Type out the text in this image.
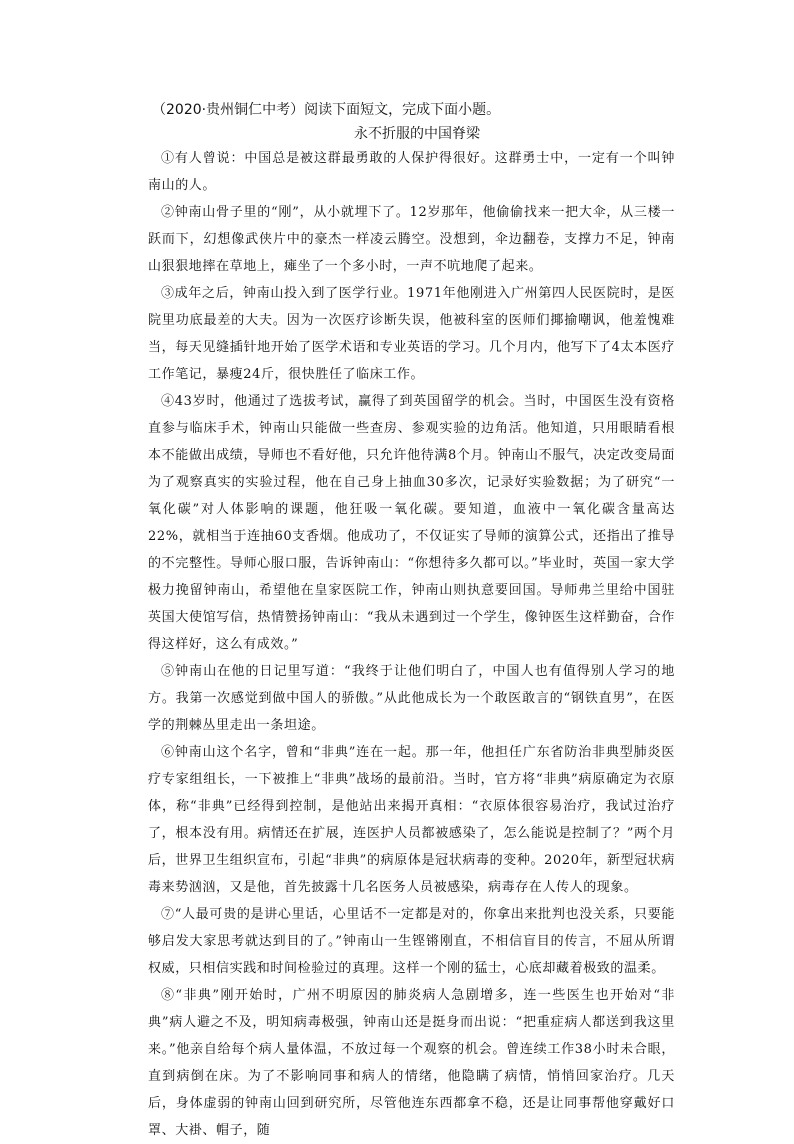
（2020·贵州铜仁中考）阅读下面短文，完成下面小题。
永不折服的中国脊梁

①有人曾说：中国总是被这群最勇敢的人保护得很好。这群勇士中，一定有一个叫钟南山的人。

②钟南山骨子里的“刚”，从小就埋下了。12岁那年，他偷偷找来一把大伞，从三楼一跃而下，幻想像武侠片中的豪杰一样凌云腾空。没想到，伞边翻卷，支撑力不足，钟南山狠狠地摔在草地上，瘫坐了一个多小时，一声不吭地爬了起来。

③成年之后，钟南山投入到了医学行业。1971年他刚进入广州第四人民医院时，是医院里功底最差的大夫。因为一次医疗诊断失误，他被科室的医师们揶揄嘲讽，他羞愧难当，每天见缝插针地开始了医学术语和专业英语的学习。几个月内，他写下了4太本医疗工作笔记，暴瘦24斤，很快胜任了临床工作。

④43岁时，他通过了选拔考试，赢得了到英国留学的机会。当时，中国医生没有资格直参与临床手术，钟南山只能做一些查房、参观实验的边角活。他知道，只用眼睛看根本不能做出成绩，导师也不看好他，只允许他待满8个月。钟南山不服气，决定改变局面为了观察真实的实验过程，他在自己身上抽血30多次，记录好实验数据；为了研究“一氧化碳”对人体影响的课题，他狂吸一氧化碳。要知道，血液中一氧化碳含量高达22%，就相当于连抽60支香烟。他成功了，不仅证实了导师的演算公式，还指出了推导的不完整性。导师心服口服，告诉钟南山：“你想待多久都可以。”毕业时，英国一家大学极力挽留钟南山，希望他在皇家医院工作，钟南山则执意要回国。导师弗兰里给中国驻英国大使馆写信，热情赞扬钟南山：“我从未遇到过一个学生，像钟医生这样勤奋，合作得这样好，这么有成效。”

⑤钟南山在他的日记里写道：“我终于让他们明白了，中国人也有值得别人学习的地方。我第一次感觉到做中国人的骄傲。”从此他成长为一个敢医敢言的“钢铁直男”，在医学的荆棘丛里走出一条坦途。

⑥钟南山这个名字，曾和“非典”连在一起。那一年，他担任广东省防治非典型肺炎医疗专家组组长，一下被推上“非典”战场的最前沿。当时，官方将“非典”病原确定为衣原体，称“非典”已经得到控制，是他站出来揭开真相：“衣原体很容易治疗，我试过治疗了，根本没有用。病情还在扩展，连医护人员都被感染了，怎么能说是控制了？”两个月后，世界卫生组织宣布，引起“非典”的病原体是冠状病毒的变种。2020年，新型冠状病毒来势汹汹，又是他，首先披露十几名医务人员被感染，病毒存在人传人的现象。

⑦“人最可贵的是讲心里话，心里话不一定都是对的，你拿出来批判也没关系，只要能够启发大家思考就达到目的了。”钟南山一生铿锵刚直，不相信盲目的传言，不屈从所谓权威，只相信实践和时间检验过的真理。这样一个刚的猛士，心底却藏着极致的温柔。

⑧“非典”刚开始时，广州不明原因的肺炎病人急剧增多，连一些医生也开始对“非典”病人避之不及，明知病毒极强，钟南山还是挺身而出说：“把重症病人都送到我这里来。”他亲自给每个病人量体温，不放过每一个观察的机会。曾连续工作38小时未合眼，直到病倒在床。为了不影响同事和病人的情绪，他隐瞒了病情，悄悄回家治疗。几天后，身体虚弱的钟南山回到研究所，尽管他连东西都拿不稳，还是让同事帮他穿戴好口罩、大褂、帽子，随
